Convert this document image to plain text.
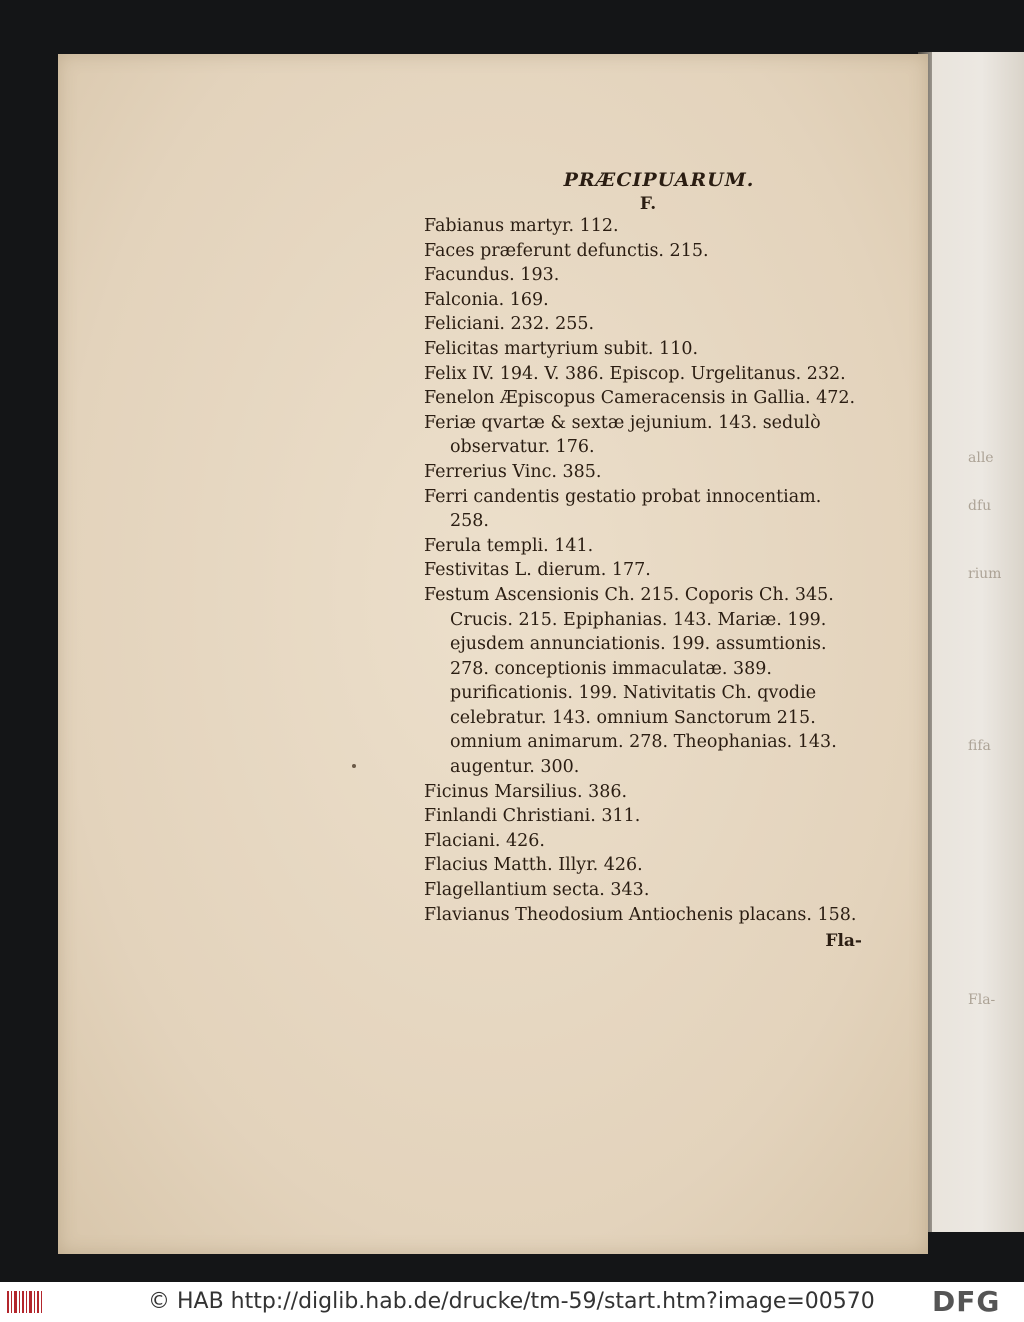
alle
dfu
rium
fifa
Fla-
PRÆCIPUARUM.
F.
Fabianus martyr. 112.
Faces præferunt defunctis. 215.
Facundus. 193.
Falconia. 169.
Feliciani. 232. 255.
Felicitas martyrium subit. 110.
Felix IV. 194. V. 386. Episcop. Urgelitanus. 232.
Fenelon Æpiscopus Cameracensis in Gallia. 472.
Feriæ qvartæ & sextæ jejunium. 143. sedulò observatur. 176.
Ferrerius Vinc. 385.
Ferri candentis gestatio probat innocentiam. 258.
Ferula templi. 141.
Festivitas L. dierum. 177.
Festum Ascensionis Ch. 215. Coporis Ch. 345. Crucis. 215. Epiphanias. 143. Mariæ. 199. ejusdem annunciationis. 199. assumtionis. 278. conceptionis immaculatæ. 389. purificationis. 199. Nativitatis Ch. qvodie celebratur. 143. omnium Sanctorum 215. omnium animarum. 278. Theophanias. 143. augentur. 300.
Ficinus Marsilius. 386.
Finlandi Christiani. 311.
Flaciani. 426.
Flacius Matth. Illyr. 426.
Flagellantium secta. 343.
Flavianus Theodosium Antiochenis placans. 158.
Fla-
© HAB http://diglib.hab.de/drucke/tm-59/start.htm?image=00570 DFG
